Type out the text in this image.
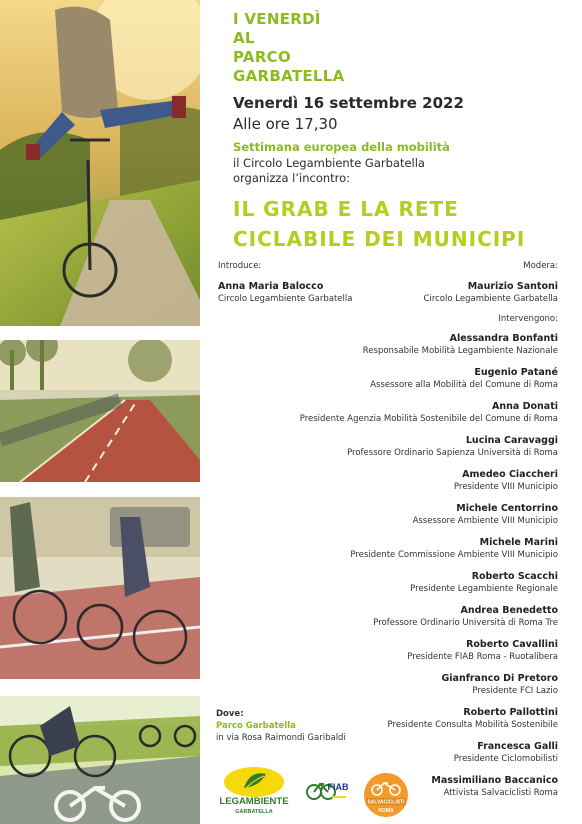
I VENERDÌ
AL
PARCO
GARBATELLA
Venerdì 16 settembre 2022
Alle ore 17,30
Settimana europea della mobilità
il Circolo Legambiente Garbatella
organizza l’incontro:
IL GRAB E LA RETE
CICLABILE DEI MUNICIPI
Introduce:	Modera:
Anna Maria Balocco
Circolo Legambiente Garbatella
Maurizio Santoni
Circolo Legambiente Garbatella
Intervengono:
Alessandra Bonfanti
Responsabile Mobilità Legambiente Nazionale
Eugenio Patané
Assessore alla Mobilità del Comune di Roma
Anna Donati
Presidente Agenzia Mobilità Sostenibile del Comune di Roma
Lucina Caravaggi
Professore Ordinario Sapienza Università di Roma
Amedeo Ciaccheri
Presidente VIII Municipio
Michele Centorrino
Assessore Ambiente VIII Municipio
Michele Marini
Presidente Commissione Ambiente VIII Municipio
Roberto Scacchi
Presidente Legambiente Regionale
Andrea Benedetto
Professore Ordinario Università di Roma Tre
Roberto Cavallini
Presidente FIAB Roma - Ruotalibera
Gianfranco Di Pretoro
Presidente FCI Lazio
Roberto Pallottini
Presidente Consulta Mobilità Sostenibile
Francesca Galli
Presidente Ciclomobilisti
Massimiliano Baccanico
Attivista Salvaciclisti Roma
Dove:
Parco Garbatella
in via Rosa Raimondi Garibaldi
LEGAMBIENTE
GARBATELLA
FIAB
SALVACICLISTI
ROMA
